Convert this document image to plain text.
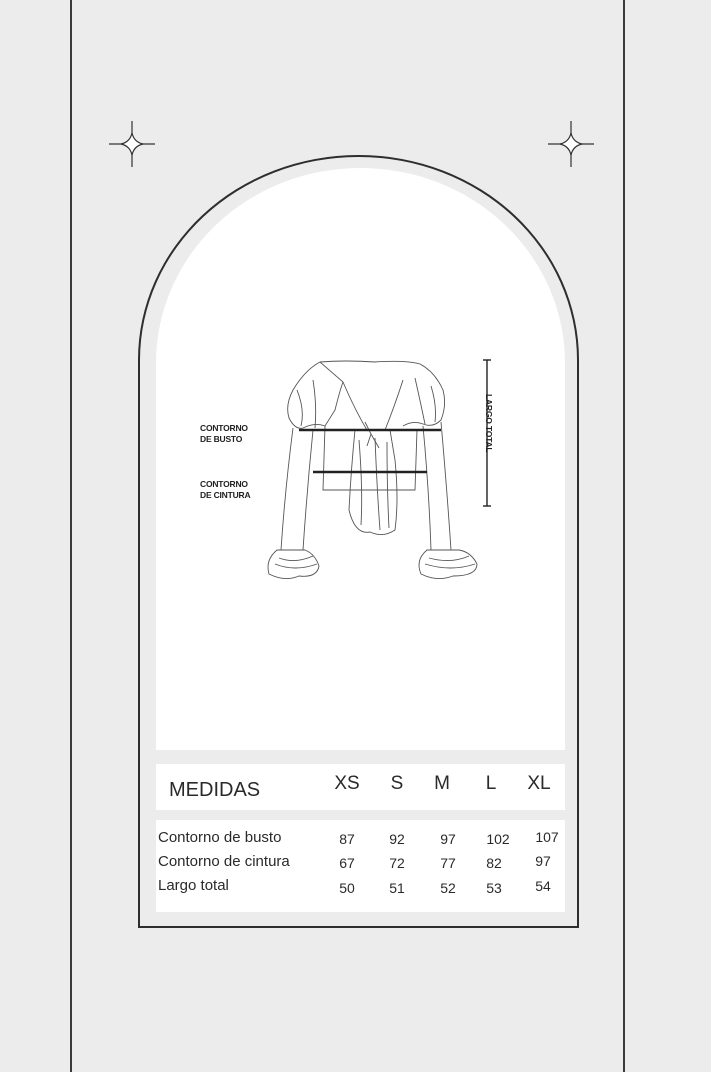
CONTORNO
DE BUSTO
CONTORNO
DE CINTURA
LARGO TOTAL
MEDIDAS	XS	S	M	L	XL
Contorno de busto	87	92	97	102	107
Contorno de cintura	67	72	77	82	97
Largo total	50	51	52	53	54
